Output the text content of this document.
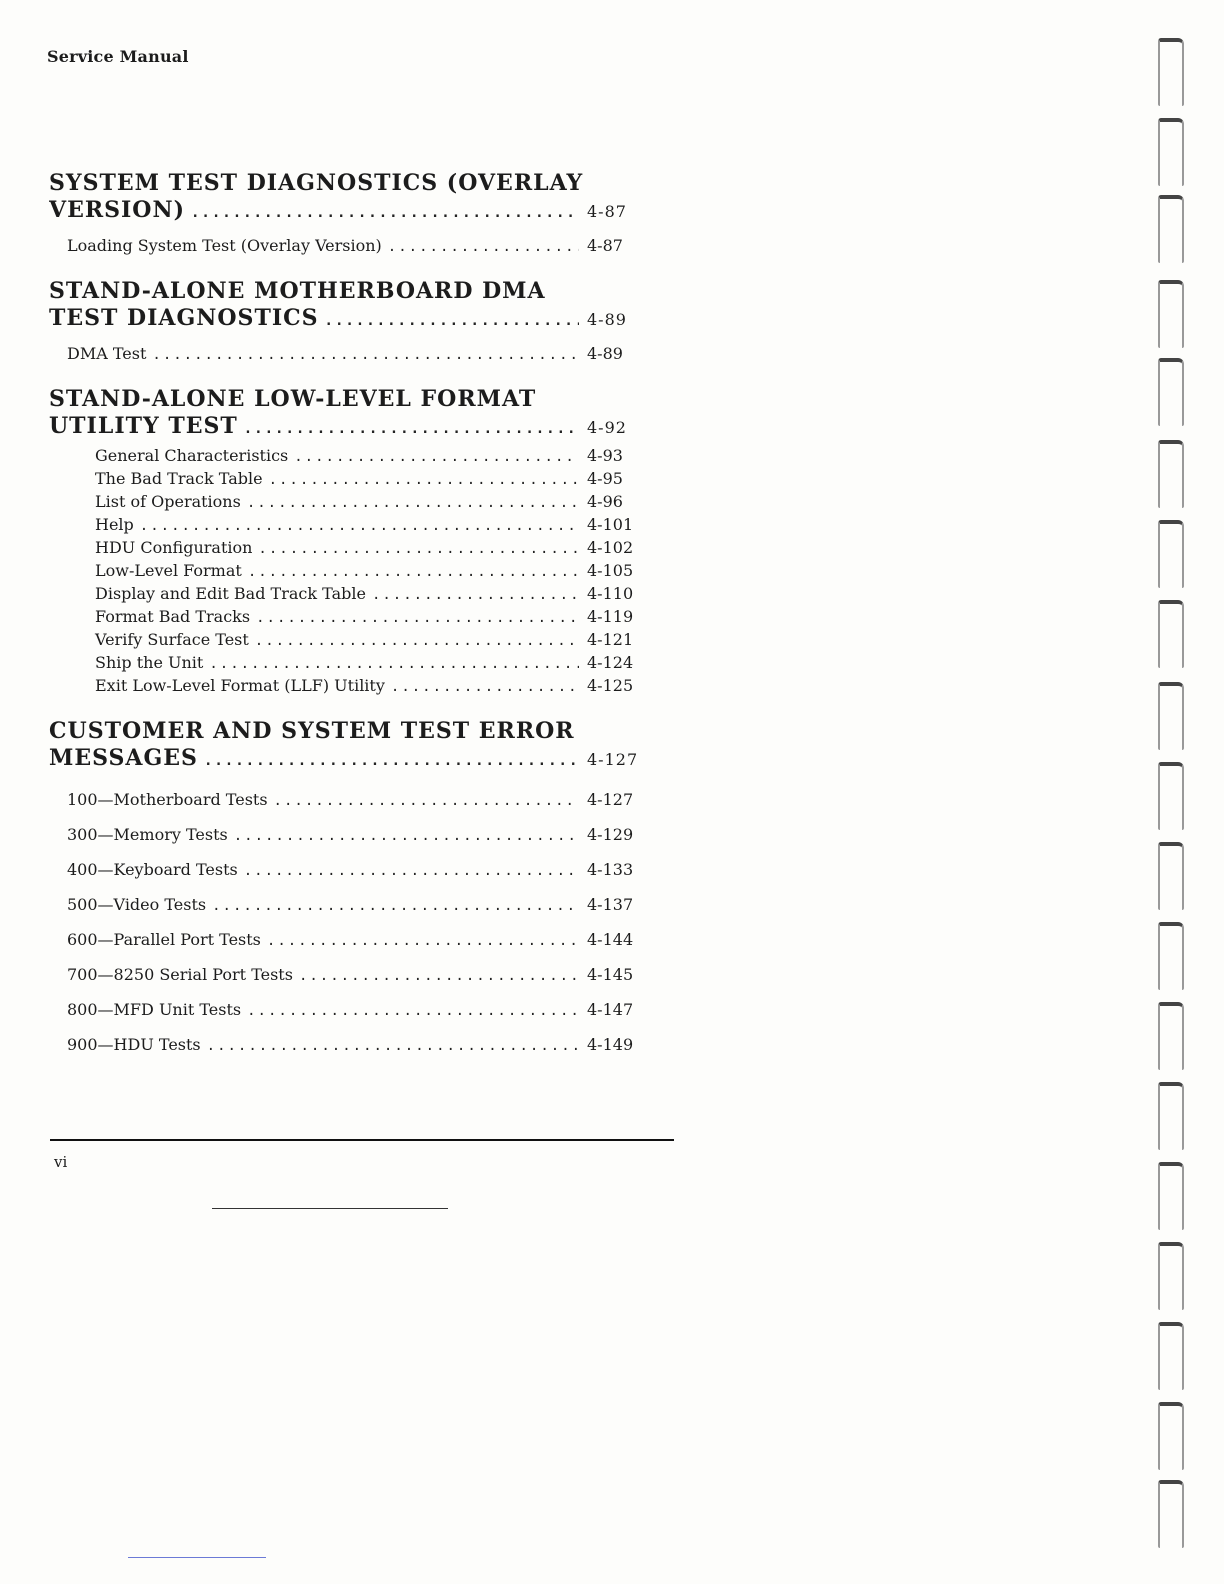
Service Manual
SYSTEM TEST DIAGNOSTICS (OVERLAY
VERSION) .....	4-87
Loading System Test (Overlay Version) .....	4-87
STAND-ALONE MOTHERBOARD DMA
TEST DIAGNOSTICS .....	4-89
DMA Test .....	4-89
STAND-ALONE LOW-LEVEL FORMAT
UTILITY TEST .....	4-92
General Characteristics .....	4-93
The Bad Track Table .....	4-95
List of Operations .....	4-96
Help .....	4-101
HDU Configuration .....	4-102
Low-Level Format .....	4-105
Display and Edit Bad Track Table .....	4-110
Format Bad Tracks .....	4-119
Verify Surface Test .....	4-121
Ship the Unit .....	4-124
Exit Low-Level Format (LLF) Utility .....	4-125
CUSTOMER AND SYSTEM TEST ERROR
MESSAGES .....	4-127
100—Motherboard Tests .....	4-127
300—Memory Tests .....	4-129
400—Keyboard Tests .....	4-133
500—Video Tests .....	4-137
600—Parallel Port Tests .....	4-144
700—8250 Serial Port Tests .....	4-145
800—MFD Unit Tests .....	4-147
900—HDU Tests .....	4-149
vi
